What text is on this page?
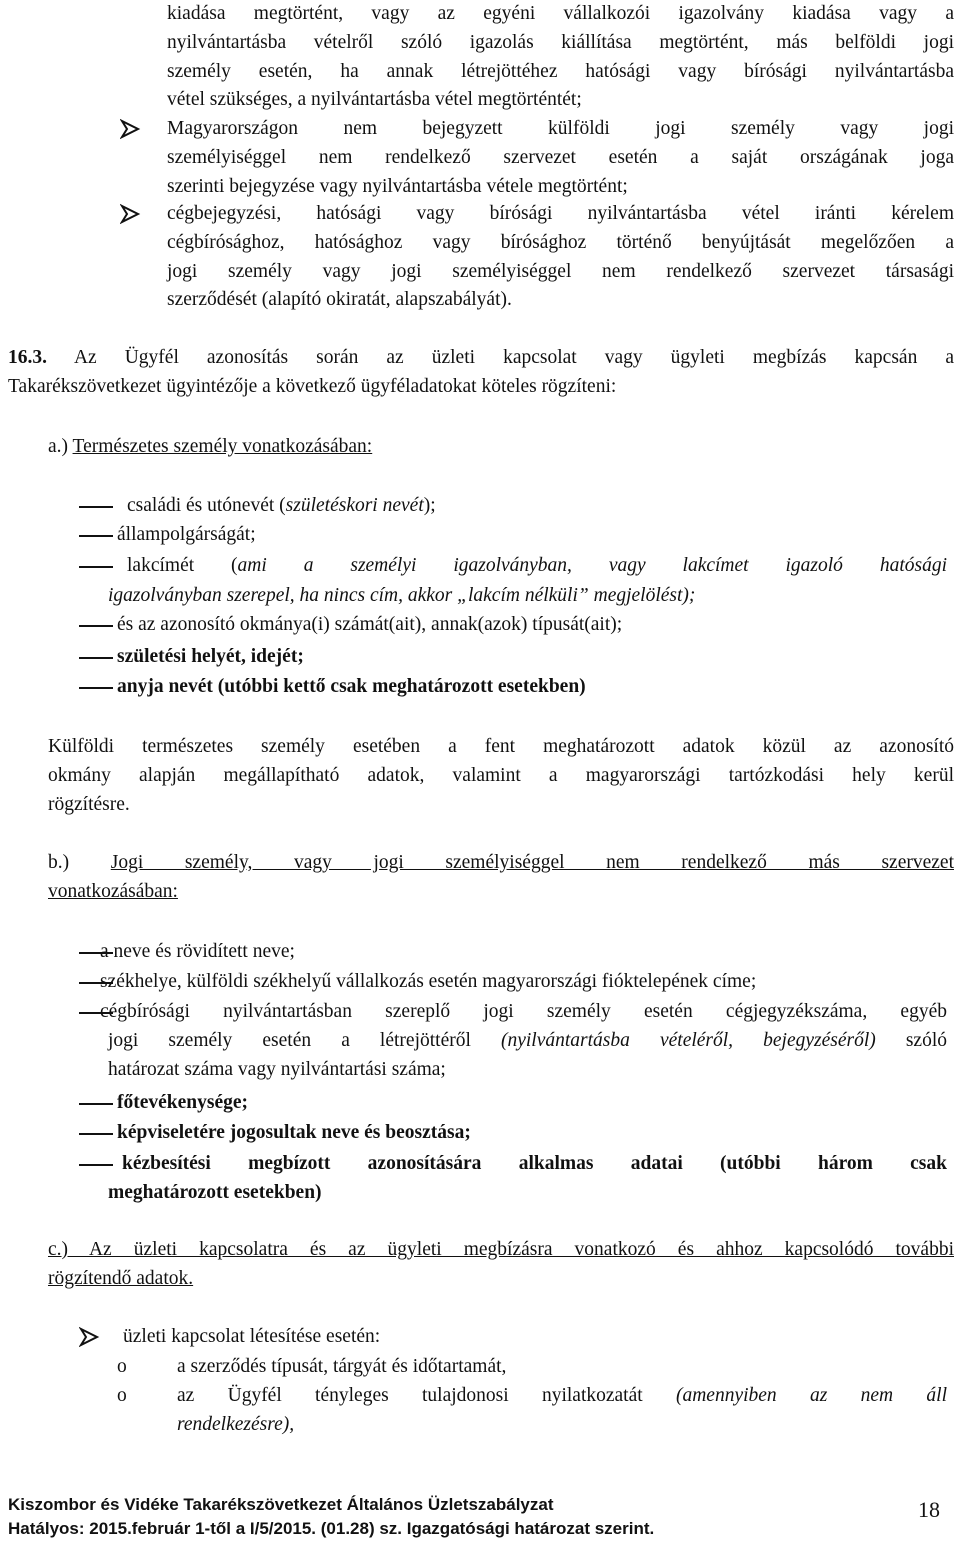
kiadása megtörtént, vagy az egyéni vállalkozói igazolvány kiadása vagy a
nyilvántartásba vételről szóló igazolás kiállítása megtörtént, más belföldi jogi
személy esetén, ha annak létrejöttéhez hatósági vagy bírósági nyilvántartásba
vétel szükséges, a nyilvántartásba vétel megtörténtét;
Magyarországon nem bejegyzett külföldi jogi személy vagy jogi
személyiséggel nem rendelkező szervezet esetén a saját országának joga
szerinti bejegyzése vagy nyilvántartásba vétele megtörtént;
cégbejegyzési, hatósági vagy bírósági nyilvántartásba vétel iránti kérelem
cégbírósághoz, hatósághoz vagy bírósághoz történő benyújtását megelőzően a
jogi személy vagy jogi személyiséggel nem rendelkező szervezet társasági
szerződését (alapító okiratát, alapszabályát).
16.3. Az Ügyfél azonosítás során az üzleti kapcsolat vagy ügyleti megbízás kapcsán a
Takarékszövetkezet ügyintézője a következő ügyféladatokat köteles rögzíteni:
a.) Természetes személy vonatkozásában:
családi és utónevét (születéskori nevét);
állampolgárságát;
lakcímét (ami a személyi igazolványban, vagy lakcímet igazoló hatósági
igazolványban szerepel, ha nincs cím, akkor „lakcím nélküli” megjelölést);
és az azonosító okmánya(i) számát(ait), annak(azok) típusát(ait);
születési helyét, idejét;
anyja nevét (utóbbi kettő csak meghatározott esetekben)
Külföldi természetes személy esetében a fent meghatározott adatok közül az azonosító
okmány alapján megállapítható adatok, valamint a magyarországi tartózkodási hely kerül
rögzítésre.
b.) Jogi személy, vagy jogi személyiséggel nem rendelkező más szervezet
vonatkozásában:
a neve és rövidített neve;
székhelye, külföldi székhelyű vállalkozás esetén magyarországi fióktelepének címe;
cégbírósági nyilvántartásban szereplő jogi személy esetén cégjegyzékszáma, egyéb
jogi személy esetén a létrejöttéről (nyilvántartásba vételéről, bejegyzéséről) szóló
határozat száma vagy nyilvántartási száma;
főtevékenysége;
képviseletére jogosultak neve és beosztása;
kézbesítési megbízott azonosítására alkalmas adatai (utóbbi három csak
meghatározott esetekben)
c.) Az üzleti kapcsolatra és az ügyleti megbízásra vonatkozó és ahhoz kapcsolódó további
rögzítendő adatok.
üzleti kapcsolat létesítése esetén:
o	a szerződés típusát, tárgyát és időtartamát,
o	az Ügyfél tényleges tulajdonosi nyilatkozatát (amennyiben az nem áll
rendelkezésre),
Kiszombor és Vidéke Takarékszövetkezet Általános Üzletszabályzat
Hatályos: 2015.február 1-től a I/5/2015. (01.28) sz. Igazgatósági határozat szerint.
18
